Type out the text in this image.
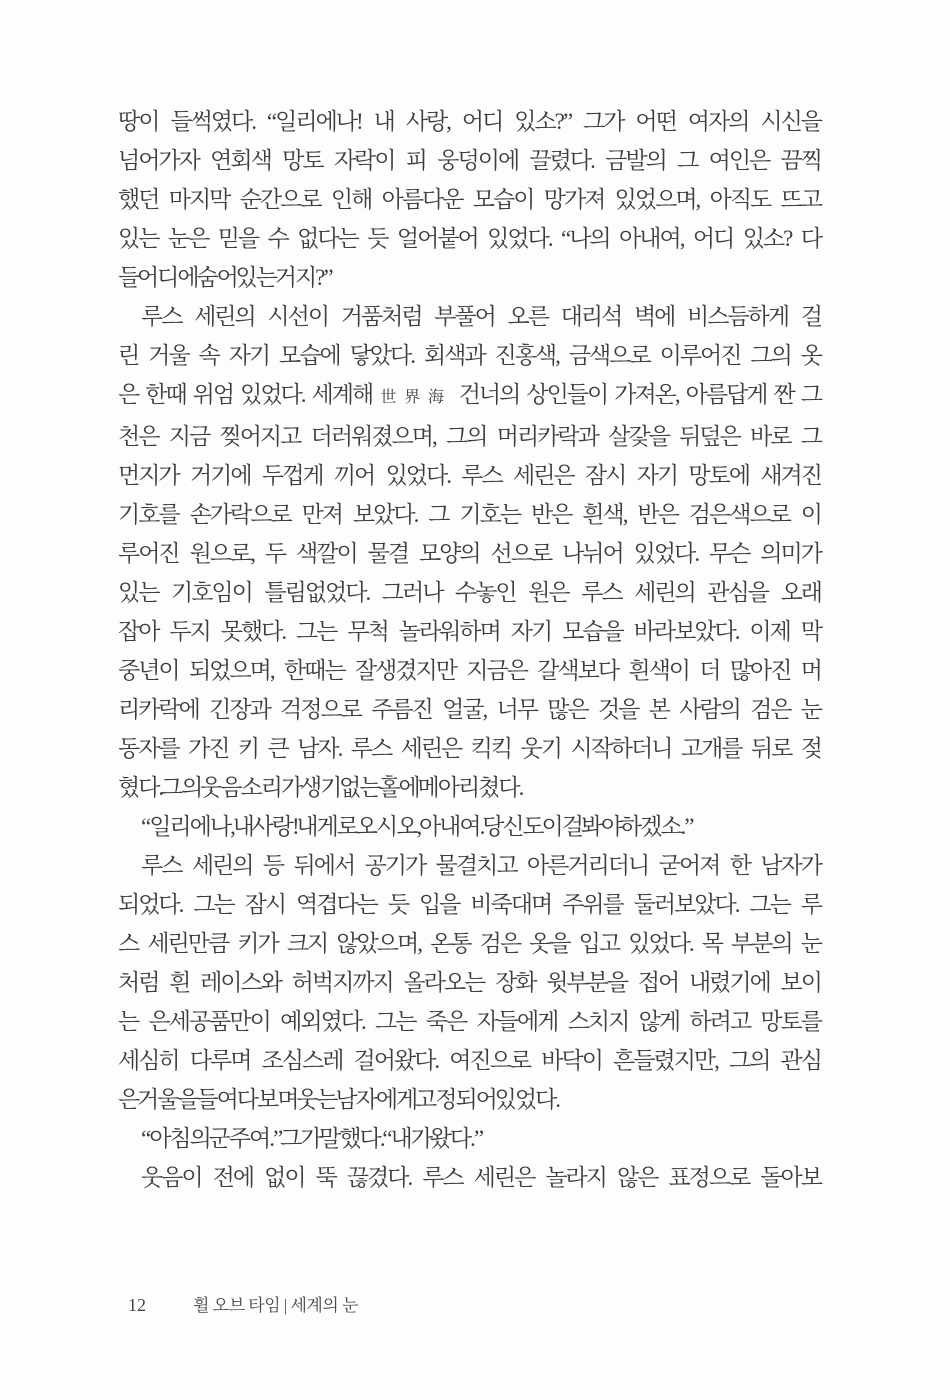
땅이 들썩였다. “일리에나! 내 사랑, 어디 있소?” 그가 어떤 여자의 시신을
넘어가자 연회색 망토 자락이 피 웅덩이에 끌렸다. 금발의 그 여인은 끔찍
했던 마지막 순간으로 인해 아름다운 모습이 망가져 있었으며, 아직도 뜨고
있는 눈은 믿을 수 없다는 듯 얼어붙어 있었다. “나의 아내여, 어디 있소? 다
들 어디에 숨어 있는 거지?”
루스 세린의 시선이 거품처럼 부풀어 오른 대리석 벽에 비스듬하게 걸
린 거울 속 자기 모습에 닿았다. 회색과 진홍색, 금색으로 이루어진 그의 옷
은 한때 위엄 있었다. 세계해世界海 건너의 상인들이 가져온, 아름답게 짠 그
천은 지금 찢어지고 더러워졌으며, 그의 머리카락과 살갗을 뒤덮은 바로 그
먼지가 거기에 두껍게 끼어 있었다. 루스 세린은 잠시 자기 망토에 새겨진
기호를 손가락으로 만져 보았다. 그 기호는 반은 흰색, 반은 검은색으로 이
루어진 원으로, 두 색깔이 물결 모양의 선으로 나뉘어 있었다. 무슨 의미가
있는 기호임이 틀림없었다. 그러나 수놓인 원은 루스 세린의 관심을 오래
잡아 두지 못했다. 그는 무척 놀라워하며 자기 모습을 바라보았다. 이제 막
중년이 되었으며, 한때는 잘생겼지만 지금은 갈색보다 흰색이 더 많아진 머
리카락에 긴장과 걱정으로 주름진 얼굴, 너무 많은 것을 본 사람의 검은 눈
동자를 가진 키 큰 남자. 루스 세린은 킥킥 웃기 시작하더니 고개를 뒤로 젖
혔다. 그의 웃음소리가 생기 없는 홀에 메아리쳤다.
“일리에나, 내 사랑! 내게로 오시오, 아내여. 당신도 이걸 봐야 하겠소.”
루스 세린의 등 뒤에서 공기가 물결치고 아른거리더니 굳어져 한 남자가
되었다. 그는 잠시 역겹다는 듯 입을 비죽대며 주위를 둘러보았다. 그는 루
스 세린만큼 키가 크지 않았으며, 온통 검은 옷을 입고 있었다. 목 부분의 눈
처럼 흰 레이스와 허벅지까지 올라오는 장화 윗부분을 접어 내렸기에 보이
는 은세공품만이 예외였다. 그는 죽은 자들에게 스치지 않게 하려고 망토를
세심히 다루며 조심스레 걸어왔다. 여진으로 바닥이 흔들렸지만, 그의 관심
은 거울을 들여다보며 웃는 남자에게 고정되어 있었다.
“아침의 군주여.” 그가 말했다. “내가 왔다.”
웃음이 전에 없이 뚝 끊겼다. 루스 세린은 놀라지 않은 표정으로 돌아보
12	휠 오브 타임 | 세계의 눈
